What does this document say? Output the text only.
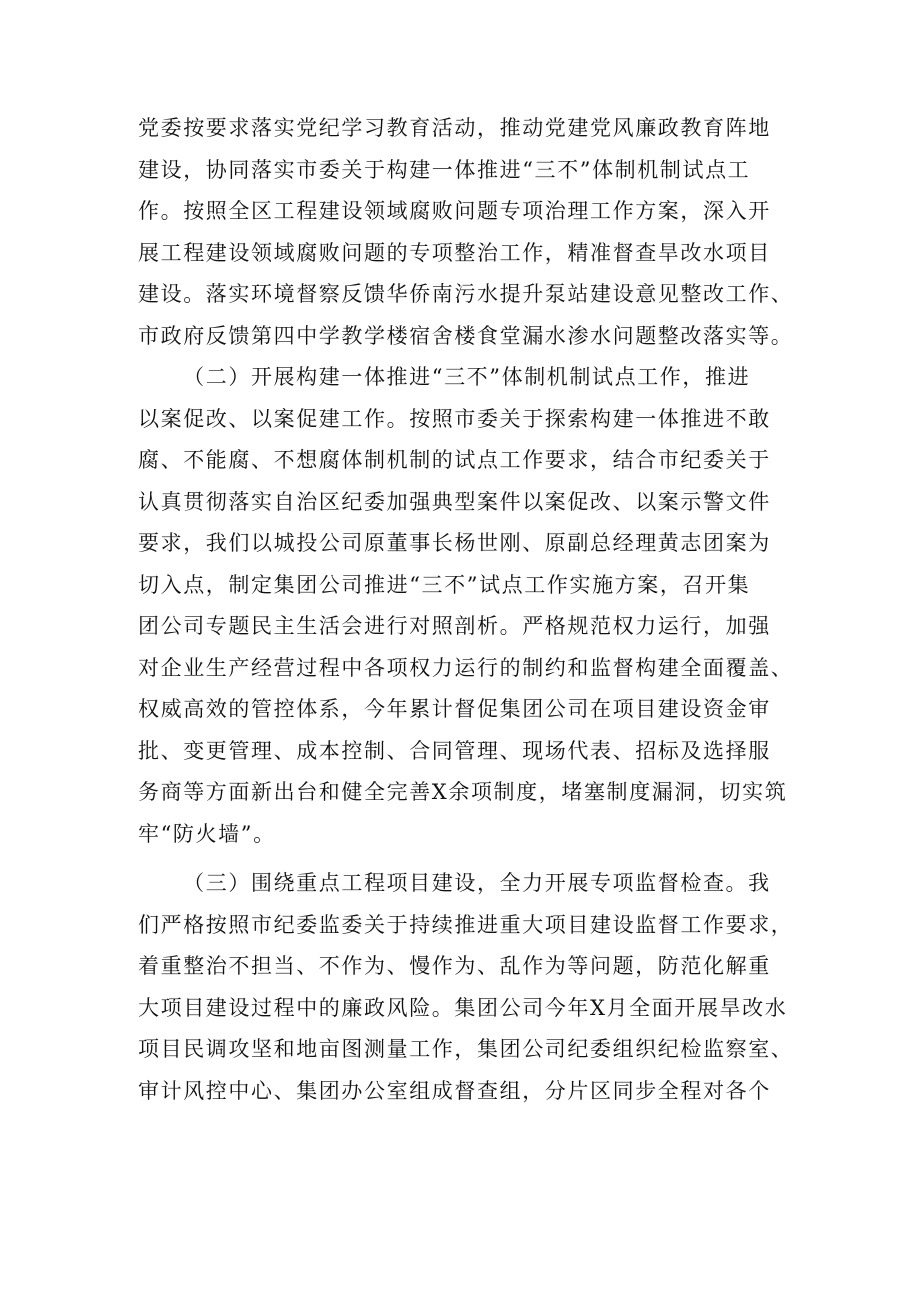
党委按要求落实党纪学习教育活动，推动党建党风廉政教育阵地
建设，协同落实市委关于构建一体推进“三不”体制机制试点工
作。按照全区工程建设领域腐败问题专项治理工作方案，深入开
展工程建设领域腐败问题的专项整治工作，精准督查旱改水项目
建设。落实环境督察反馈华侨南污水提升泵站建设意见整改工作、
市政府反馈第四中学教学楼宿舍楼食堂漏水渗水问题整改落实等。

（二）开展构建一体推进“三不”体制机制试点工作，推进
以案促改、以案促建工作。按照市委关于探索构建一体推进不敢
腐、不能腐、不想腐体制机制的试点工作要求，结合市纪委关于
认真贯彻落实自治区纪委加强典型案件以案促改、以案示警文件
要求，我们以城投公司原董事长杨世刚、原副总经理黄志团案为
切入点，制定集团公司推进“三不”试点工作实施方案，召开集
团公司专题民主生活会进行对照剖析。严格规范权力运行，加强
对企业生产经营过程中各项权力运行的制约和监督构建全面覆盖、
权威高效的管控体系，今年累计督促集团公司在项目建设资金审
批、变更管理、成本控制、合同管理、现场代表、招标及选择服
务商等方面新出台和健全完善X余项制度，堵塞制度漏洞，切实筑
牢“防火墙”。

（三）围绕重点工程项目建设，全力开展专项监督检查。我
们严格按照市纪委监委关于持续推进重大项目建设监督工作要求，
着重整治不担当、不作为、慢作为、乱作为等问题，防范化解重
大项目建设过程中的廉政风险。集团公司今年X月全面开展旱改水
项目民调攻坚和地亩图测量工作，集团公司纪委组织纪检监察室、
审计风控中心、集团办公室组成督查组，分片区同步全程对各个
